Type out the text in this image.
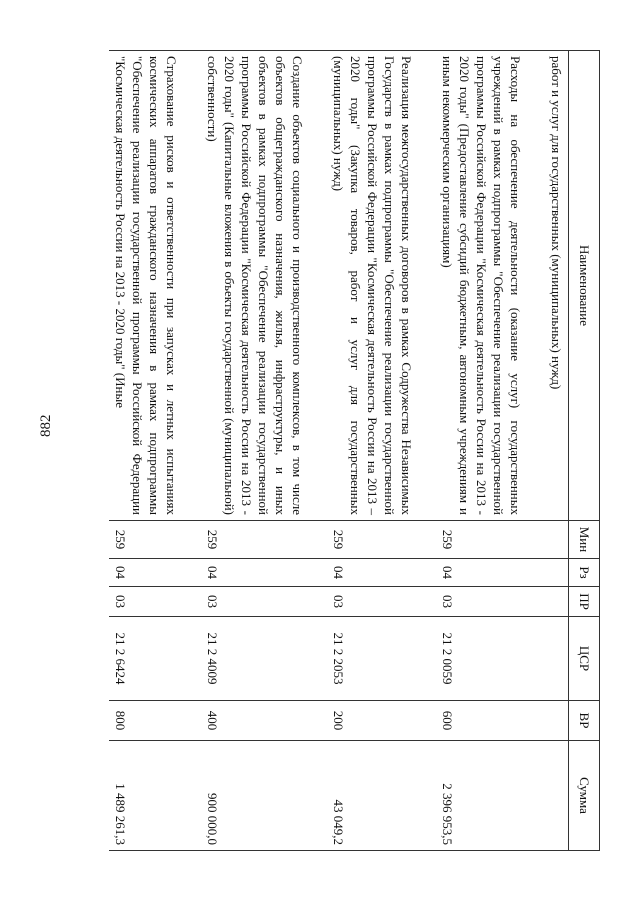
882
Наименование	Мин	Рз	ПР	ЦСР	ВР	Сумма
работ и услуг для государственных (муниципальных) нужд)						

Расходы на обеспечение деятельности (оказание услуг) государственных учреждений в рамках подпрограммы "Обеспечение реализации государственной программы Российской Федерации "Космическая деятельность России на 2013 - 2020 годы" (Предоставление субсидий бюджетным, автономным учреждениям и иным некоммерческим организациям)	259	04	03	21 2 0059	600	2 396 953,5

Реализация межгосударственных договоров в рамках Содружества Независимых Государств в рамках подпрограммы "Обеспечение реализации государственной программы Российской Федерации "Космическая деятельность России на 2013 – 2020 годы" (Закупка товаров, работ и услуг для государственных (муниципальных) нужд)	259	04	03	21 2 2053	200	43 049,2

Создание объектов социального и производственного комплексов, в том числе объектов общегражданского назначения, жилья, инфраструктуры, и иных объектов в рамках подпрограммы "Обеспечение реализации государственной программы Российской Федерации "Космическая деятельность России на 2013 - 2020 годы" (Капитальные вложения в объекты государственной (муниципальной) собственности)	259	04	03	21 2 4009	400	900 000,0

Страхование рисков и ответственности при запусках и летных испытаниях космических аппаратов гражданского назначения в рамках подпрограммы "Обеспечение реализации государственной программы Российской Федерации "Космическая деятельность России на 2013 - 2020 годы" (Иные	259	04	03	21 2 6424	800	1 489 261,3
